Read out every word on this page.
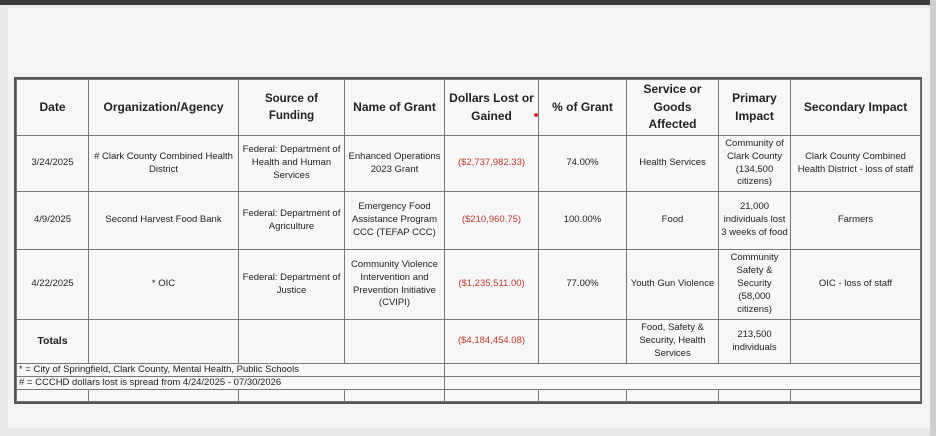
Date	Organization/Agency	Source of Funding	Name of Grant	Dollars Lost or Gained	% of Grant	Service or Goods Affected	Primary Impact	Secondary Impact
3/24/2025	# Clark County Combined Health District	Federal: Department of Health and Human Services	Enhanced Operations 2023 Grant	($2,737,982.33)	74.00%	Health Services	Community of Clark County (134,500 citizens)	Clark County Combined Health District - loss of staff
4/9/2025	Second Harvest Food Bank	Federal: Department of Agriculture	Emergency Food Assistance Program CCC (TEFAP CCC)	($210,960.75)	100.00%	Food	21,000 individuals lost 3 weeks of food	Farmers
4/22/2025	* OIC	Federal: Department of Justice	Community Violence Intervention and Prevention Initiative (CVIPI)	($1,235,511.00)	77.00%	Youth Gun Violence	Community Safety & Security (58,000 citizens)	OIC - loss of staff
Totals				($4,184,454.08)		Food, Safety & Security, Health Services	213,500 individuals	
* = City of Springfield, Clark County, Mental Health, Public Schools								
# = CCCHD dollars lost is spread from 4/24/2025 - 07/30/2026								
